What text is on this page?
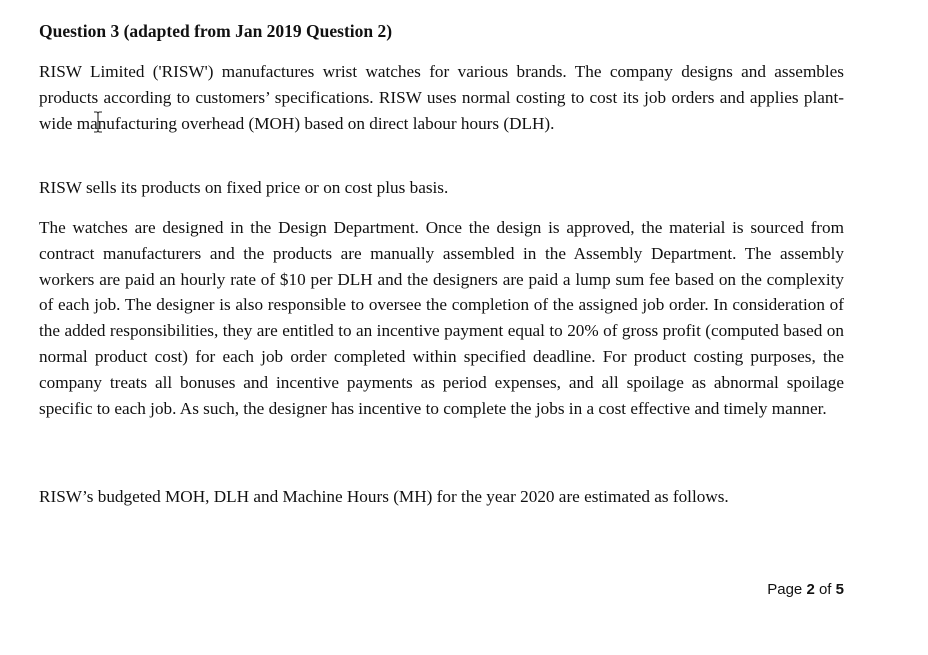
Question 3 (adapted from Jan 2019 Question 2)

RISW Limited ('RISW') manufactures wrist watches for various brands. The company designs and assembles products according to customers’ specifications. RISW uses normal costing to cost its job orders and applies plant-wide manufacturing overhead (MOH) based on direct labour hours (DLH).

RISW sells its products on fixed price or on cost plus basis.

The watches are designed in the Design Department. Once the design is approved, the material is sourced from contract manufacturers and the products are manually assembled in the Assembly Department. The assembly workers are paid an hourly rate of $10 per DLH and the designers are paid a lump sum fee based on the complexity of each job. The designer is also responsible to oversee the completion of the assigned job order. In consideration of the added responsibilities, they are entitled to an incentive payment equal to 20% of gross profit (computed based on normal product cost) for each job order completed within specified deadline. For product costing purposes, the company treats all bonuses and incentive payments as period expenses, and all spoilage as abnormal spoilage specific to each job. As such, the designer has incentive to complete the jobs in a cost effective and timely manner.

RISW’s budgeted MOH, DLH and Machine Hours (MH) for the year 2020 are estimated as follows.

Page 2 of 5
